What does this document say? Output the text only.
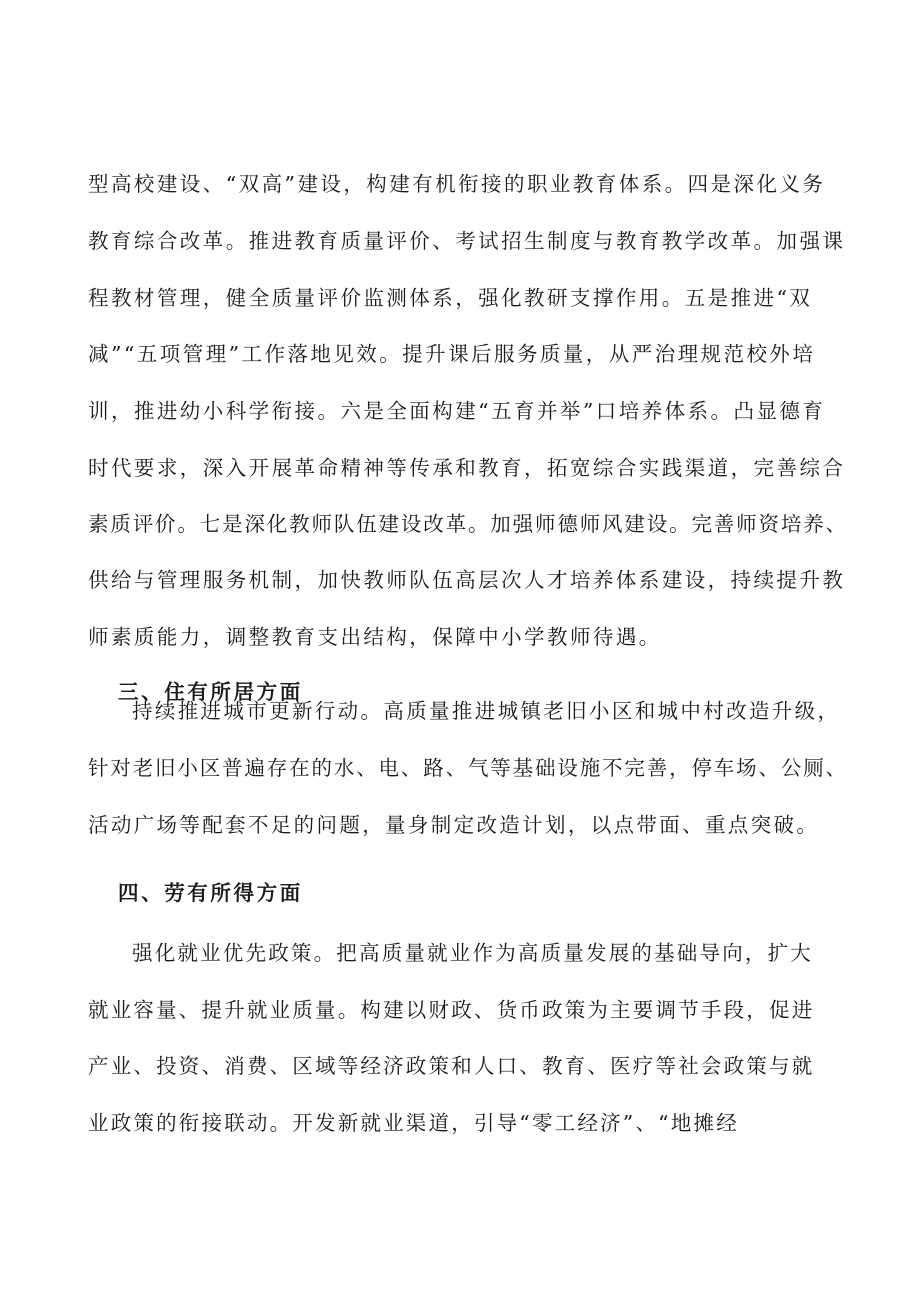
型高校建设、“双高”建设，构建有机衔接的职业教育体系。四是深化义务

教育综合改革。推进教育质量评价、考试招生制度与教育教学改革。加强课

程教材管理，健全质量评价监测体系，强化教研支撑作用。五是推进“双

减”“五项管理”工作落地见效。提升课后服务质量，从严治理规范校外培

训，推进幼小科学衔接。六是全面构建“五育并举”口培养体系。凸显德育

时代要求，深入开展革命精神等传承和教育，拓宽综合实践渠道，完善综合

素质评价。七是深化教师队伍建设改革。加强师德师风建设。完善师资培养、

供给与管理服务机制，加快教师队伍高层次人才培养体系建设，持续提升教

师素质能力，调整教育支出结构，保障中小学教师待遇。

三、住有所居方面

持续推进城市更新行动。高质量推进城镇老旧小区和城中村改造升级，

针对老旧小区普遍存在的水、电、路、气等基础设施不完善，停车场、公厕、

活动广场等配套不足的问题，量身制定改造计划，以点带面、重点突破。

四、劳有所得方面

强化就业优先政策。把高质量就业作为高质量发展的基础导向，扩大

就业容量、提升就业质量。构建以财政、货币政策为主要调节手段，促进

产业、投资、消费、区域等经济政策和人口、教育、医疗等社会政策与就

业政策的衔接联动。开发新就业渠道，引导“零工经济”、“地摊经
